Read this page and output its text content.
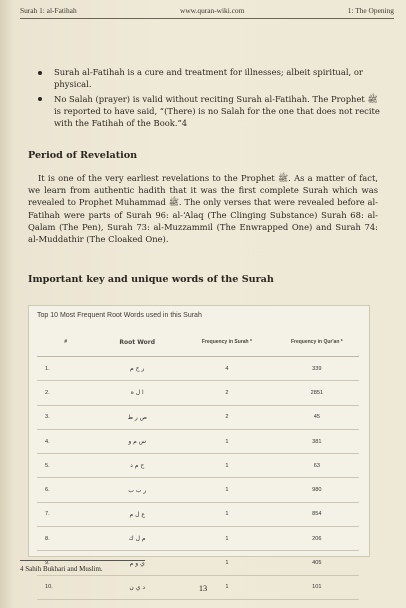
Surah 1: al-Fatihah	www.quran-wiki.com	1: The Opening
Surah al-Fatihah is a cure and treatment for illnesses; albeit spiritual, or physical.
No Salah (prayer) is valid without reciting Surah al-Fatihah. The Prophet ﷺ is reported to have said, “(There) is no Salah for the one that does not recite with the Fatihah of the Book.”4
Period of Revelation

It is one of the very earliest revelations to the Prophet ﷺ. As a matter of fact, we learn from authentic hadith that it was the first complete Surah which was revealed to Prophet Muhammad ﷺ. The only verses that were revealed before al-Fatihah were parts of Surah 96: al-‘Alaq (The Clinging Substance) Surah 68: al-Qalam (The Pen), Surah 73: al-Muzzammil (The Enwrapped One) and Surah 74: al-Muddathir (The Cloaked One).

Important key and unique words of the Surah
Top 10 Most Frequent Root Words used in this Surah
#	Root Word	Frequency in Surah *	Frequency in Qur'an *
1.	ر ح م	4	339
2.	ا ل ه	2	2851
3.	ص ر ط	2	45
4.	س م و	1	381
5.	ح م د	1	63
6.	ر ب ب	1	980
7.	ع ل م	1	854
8.	م ل ك	1	206
9.	ي و م	1	405
10.	د ي ن	1	101
4 Sahih Bukhari and Muslim.
13
